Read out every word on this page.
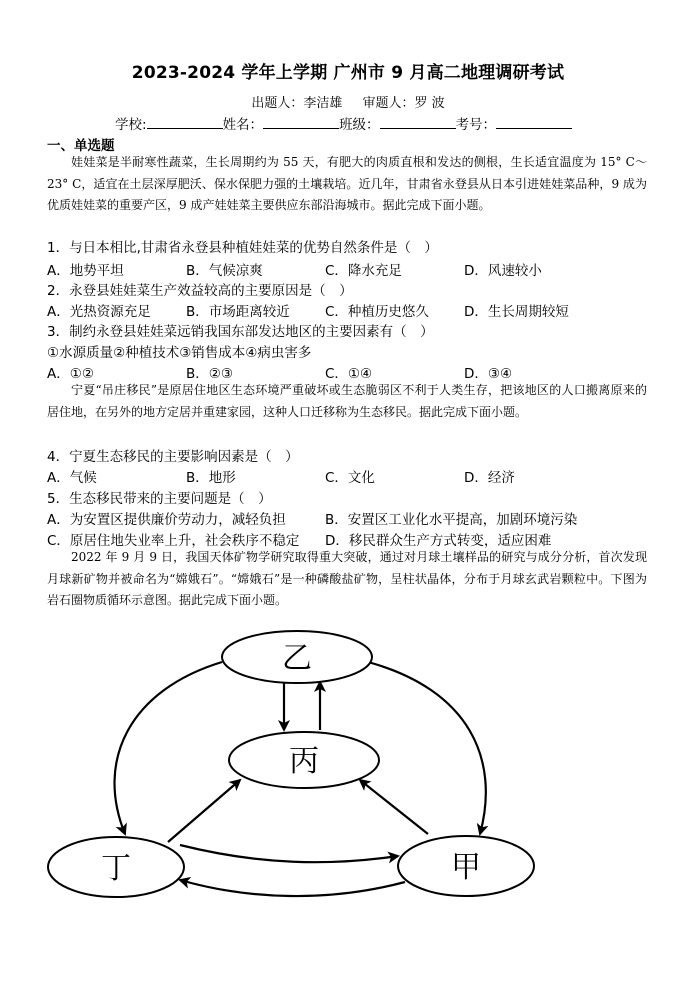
2023-2024 学年上学期 广州市 9 月高二地理调研考试
出题人：李洁雄 审题人：罗 波
学校:	姓名：	班级：	考号：
一、单选题
娃娃菜是半耐寒性蔬菜，生长周期约为 55 天，有肥大的肉质直根和发达的侧根，生长适宜温度为 15° C～23° C，适宜在土层深厚肥沃、保水保肥力强的土壤栽培。近几年，甘肃省永登县从日本引进娃娃菜品种，9 成为优质娃娃菜的重要产区，9 成产娃娃菜主要供应东部沿海城市。据此完成下面小题。
1．与日本相比,甘肃省永登县种植娃娃菜的优势自然条件是（　）
A．地势平坦	B．气候凉爽	C．降水充足	D．风速较小
2．永登县娃娃菜生产效益较高的主要原因是（　）
A．光热资源充足	B．市场距离较近	C．种植历史悠久	D．生长周期较短
3．制约永登县娃娃菜远销我国东部发达地区的主要因素有（　）
①水源质量②种植技术③销售成本④病虫害多
A．①②	B．②③	C．①④	D．③④
宁夏“吊庄移民”是原居住地区生态环境严重破坏或生态脆弱区不利于人类生存，把该地区的人口搬离原来的居住地，在另外的地方定居并重建家园，这种人口迁移称为生态移民。据此完成下面小题。
4．宁夏生态移民的主要影响因素是（　）
A．气候	B．地形	C．文化	D．经济
5．生态移民带来的主要问题是（　）
A．为安置区提供廉价劳动力，减轻负担	B．安置区工业化水平提高，加剧环境污染
C．原居住地失业率上升，社会秩序不稳定 D．移民群众生产方式转变，适应困难
2022 年 9 月 9 日，我国天体矿物学研究取得重大突破，通过对月球土壤样品的研究与成分分析，首次发现月球新矿物并被命名为“嫦娥石”。“嫦娥石”是一种磷酸盐矿物，呈柱状晶体，分布于月球玄武岩颗粒中。下图为岩石圈物质循环示意图。据此完成下面小题。
乙
丙
丁	甲
